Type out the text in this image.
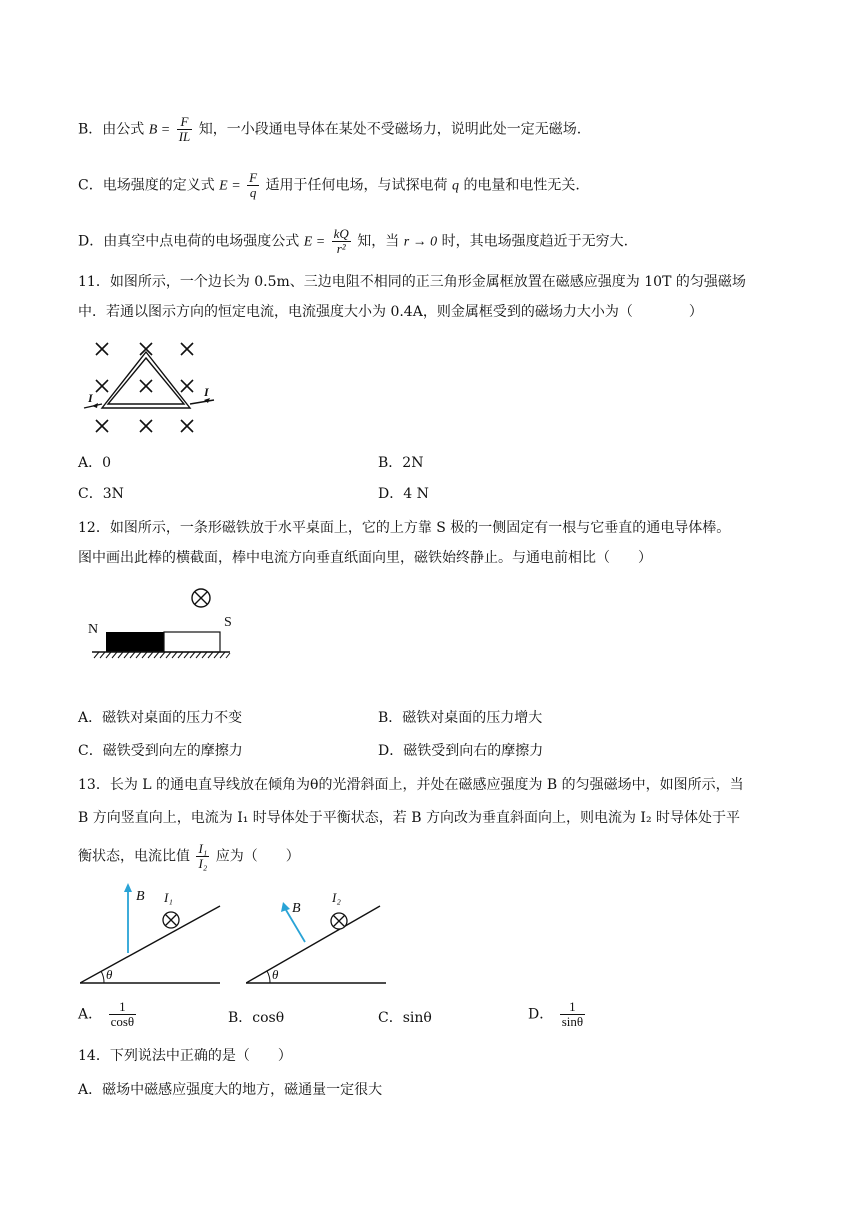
B．由公式 $B = \frac{F}{IL}$ 知，一小段通电导体在某处不受磁场力，说明此处一定无磁场.
C．电场强度的定义式 $E = \frac{F}{q}$ 适用于任何电场，与试探电荷 q 的电量和电性无关.
D．由真空中点电荷的电场强度公式 $E = \frac{kQ}{\text{r²}}$ 知，当 r → 0 时，其电场强度趋近于无穷大.
11．如图所示，一个边长为 0.5m、三边电阻不相同的正三角形金属框放置在磁感应强度为 10T 的匀强磁场
中．若通以图示方向的恒定电流，电流强度大小为 0.4A，则金属框受到的磁场力大小为（　　　　）
I	I
A．0	B．2N
C．3N	D．4 N
12．如图所示，一条形磁铁放于水平桌面上，它的上方靠 S 极的一侧固定有一根与它垂直的通电导体棒。
图中画出此棒的横截面，棒中电流方向垂直纸面向里，磁铁始终静止。与通电前相比（　　）
N	S
A．磁铁对桌面的压力不变	B．磁铁对桌面的压力增大
C．磁铁受到向左的摩擦力	D．磁铁受到向右的摩擦力
13．长为 L 的通电直导线放在倾角为θ的光滑斜面上，并处在磁感应强度为 B 的匀强磁场中，如图所示，当
B 方向竖直向上，电流为 I₁ 时导体处于平衡状态，若 B 方向改为垂直斜面向上，则电流为 I₂ 时导体处于平
衡状态，电流比值 $\frac{\text{I₁}}{\text{I₂}}$ 应为（　　）
θ
B I₁
θ
B
I₂
A． $\frac{1}{\cos\theta}$	B．cosθ	C．sinθ	D． $\frac{1}{\sin\theta}$
14．下列说法中正确的是（　　）
A．磁场中磁感应强度大的地方，磁通量一定很大
